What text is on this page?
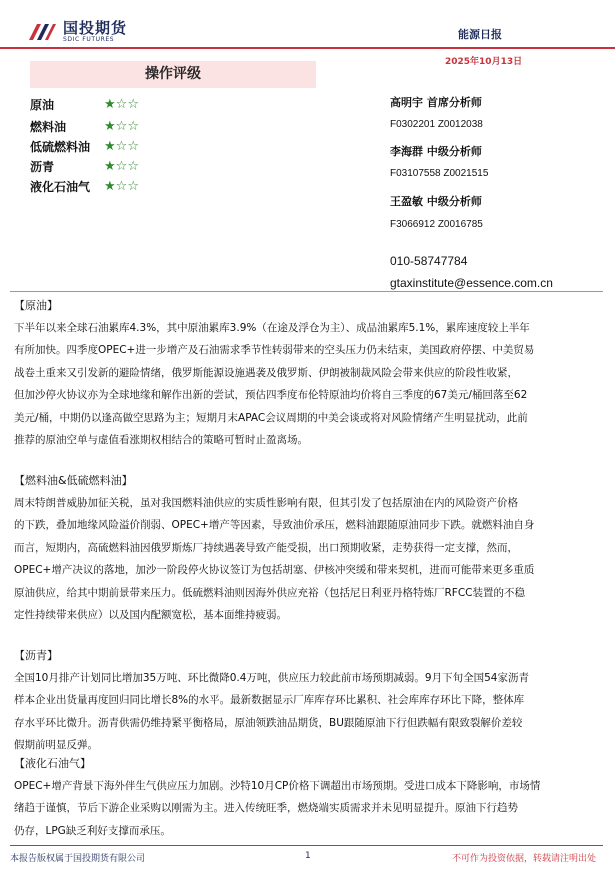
国投期货
SDIC FUTURES	能源日报
2025年10月13日
操作评级
原油	★ ☆ ☆
燃料油	★ ☆ ☆
低硫燃料油	★ ☆ ☆
沥青	★ ☆ ☆
液化石油气	★ ☆ ☆
高明宇 首席分析师
F0302201 Z0012038
李海群 中级分析师
F03107558 Z0021515
王盈敏 中级分析师
F3066912 Z0016785
010-58747784
gtaxinstitute@essence.com.cn
【原油】
下半年以来全球石油累库4.3%，其中原油累库3.9%（在途及浮仓为主）、成品油累库5.1%，累库速度较上半年
有所加快。四季度OPEC+进一步增产及石油需求季节性转弱带来的空头压力仍未结束，美国政府停摆、中美贸易
战卷土重来又引发新的避险情绪，俄罗斯能源设施遇袭及俄罗斯、伊朗被制裁风险会带来供应的阶段性收紧，
但加沙停火协议亦为全球地缘和解作出新的尝试，预估四季度布伦特原油均价将自三季度的67美元/桶回落至62
美元/桶，中期仍以逢高做空思路为主；短期月末APAC会议周期的中美会谈或将对风险情绪产生明显扰动，此前
推荐的原油空单与虚值看涨期权相结合的策略可暂时止盈离场。
【燃料油&低硫燃料油】
周末特朗普威胁加征关税，虽对我国燃料油供应的实质性影响有限，但其引发了包括原油在内的风险资产价格
的下跌，叠加地缘风险溢价削弱、OPEC+增产等因素，导致油价承压，燃料油跟随原油同步下跌。就燃料油自身
而言，短期内，高硫燃料油因俄罗斯炼厂持续遇袭导致产能受损，出口预期收紧，走势获得一定支撑，然而，
OPEC+增产决议的落地，加沙一阶段停火协议签订为包括胡塞、伊核冲突缓和带来契机，进而可能带来更多重质
原油供应，给其中期前景带来压力。低硫燃料油则因海外供应充裕（包括尼日利亚丹格特炼厂RFCC装置的不稳
定性持续带来供应）以及国内配额宽松，基本面维持疲弱。
【沥青】
全国10月排产计划同比增加35万吨、环比微降0.4万吨，供应压力较此前市场预期减弱。9月下旬全国54家沥青
样本企业出货量再度回归同比增长8%的水平。最新数据显示厂库库存环比累积、社会库库存环比下降，整体库
存水平环比微升。沥青供需仍维持紧平衡格局，原油领跌油品期货，BU跟随原油下行但跌幅有限致裂解价差较
假期前明显反弹。
【液化石油气】
OPEC+增产背景下海外伴生气供应压力加剧。沙特10月CP价格下调超出市场预期。受进口成本下降影响，市场情
绪趋于谨慎，节后下游企业采购以刚需为主。进入传统旺季，燃烧端实质需求并未见明显提升。原油下行趋势
仍存，LPG缺乏利好支撑而承压。
本报告版权属于国投期货有限公司	1	不可作为投资依据，转载请注明出处
